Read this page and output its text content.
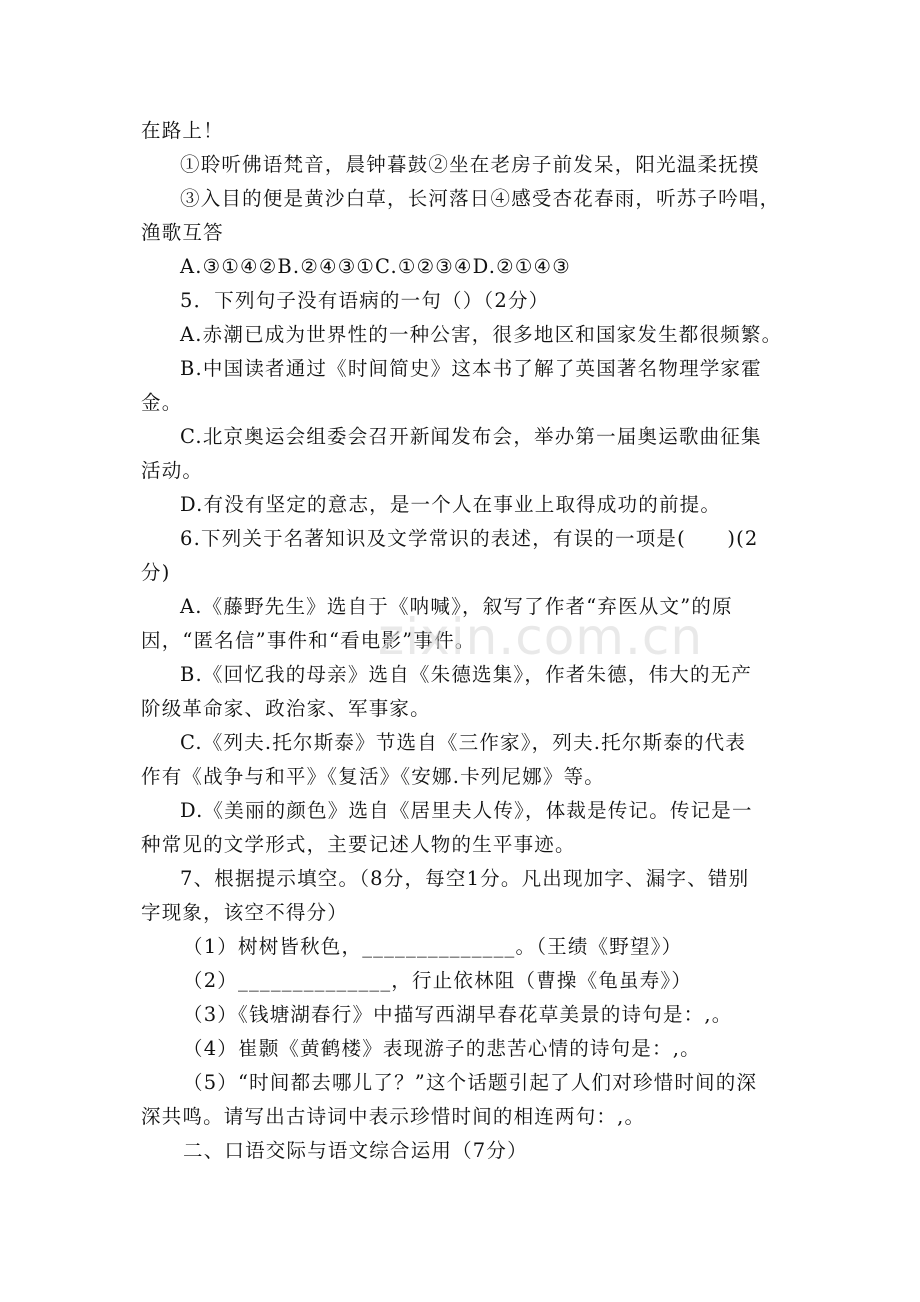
在路上！
①聆听佛语梵音，晨钟暮鼓②坐在老房子前发呆，阳光温柔抚摸
③入目的便是黄沙白草，长河落日④感受杏花春雨，听苏子吟唱，
渔歌互答
A.③①④②B.②④③①C.①②③④D.②①④③
5．下列句子没有语病的一句（）（2分）
A.赤潮已成为世界性的一种公害，很多地区和国家发生都很频繁。
B.中国读者通过《时间简史》这本书了解了英国著名物理学家霍
金。
C.北京奥运会组委会召开新闻发布会，举办第一届奥运歌曲征集
活动。
D.有没有坚定的意志，是一个人在事业上取得成功的前提。
6.下列关于名著知识及文学常识的表述，有误的一项是(　　)(2
分)
A.《藤野先生》选自于《呐喊》，叙写了作者“弃医从文”的原
因，“匿名信”事件和“看电影”事件。
B.《回忆我的母亲》选自《朱德选集》，作者朱德，伟大的无产
阶级革命家、政治家、军事家。
C.《列夫.托尔斯泰》节选自《三作家》，列夫.托尔斯泰的代表
作有《战争与和平》《复活》《安娜.卡列尼娜》等。
D.《美丽的颜色》选自《居里夫人传》，体裁是传记。传记是一
种常见的文学形式，主要记述人物的生平事迹。
7、根据提示填空。（8分，每空1分。凡出现加字、漏字、错别
字现象，该空不得分）
（1）树树皆秋色，______________。（王绩《野望》）
（2）______________，行止依林阻（曹操《龟虽寿》）
（3）《钱塘湖春行》中描写西湖早春花草美景的诗句是：,。
（4）崔颢《黄鹤楼》表现游子的悲苦心情的诗句是：,。
（5）“时间都去哪儿了？”这个话题引起了人们对珍惜时间的深
深共鸣。请写出古诗词中表示珍惜时间的相连两句：,。
二、口语交际与语文综合运用（7分）
zixin.com.cn
